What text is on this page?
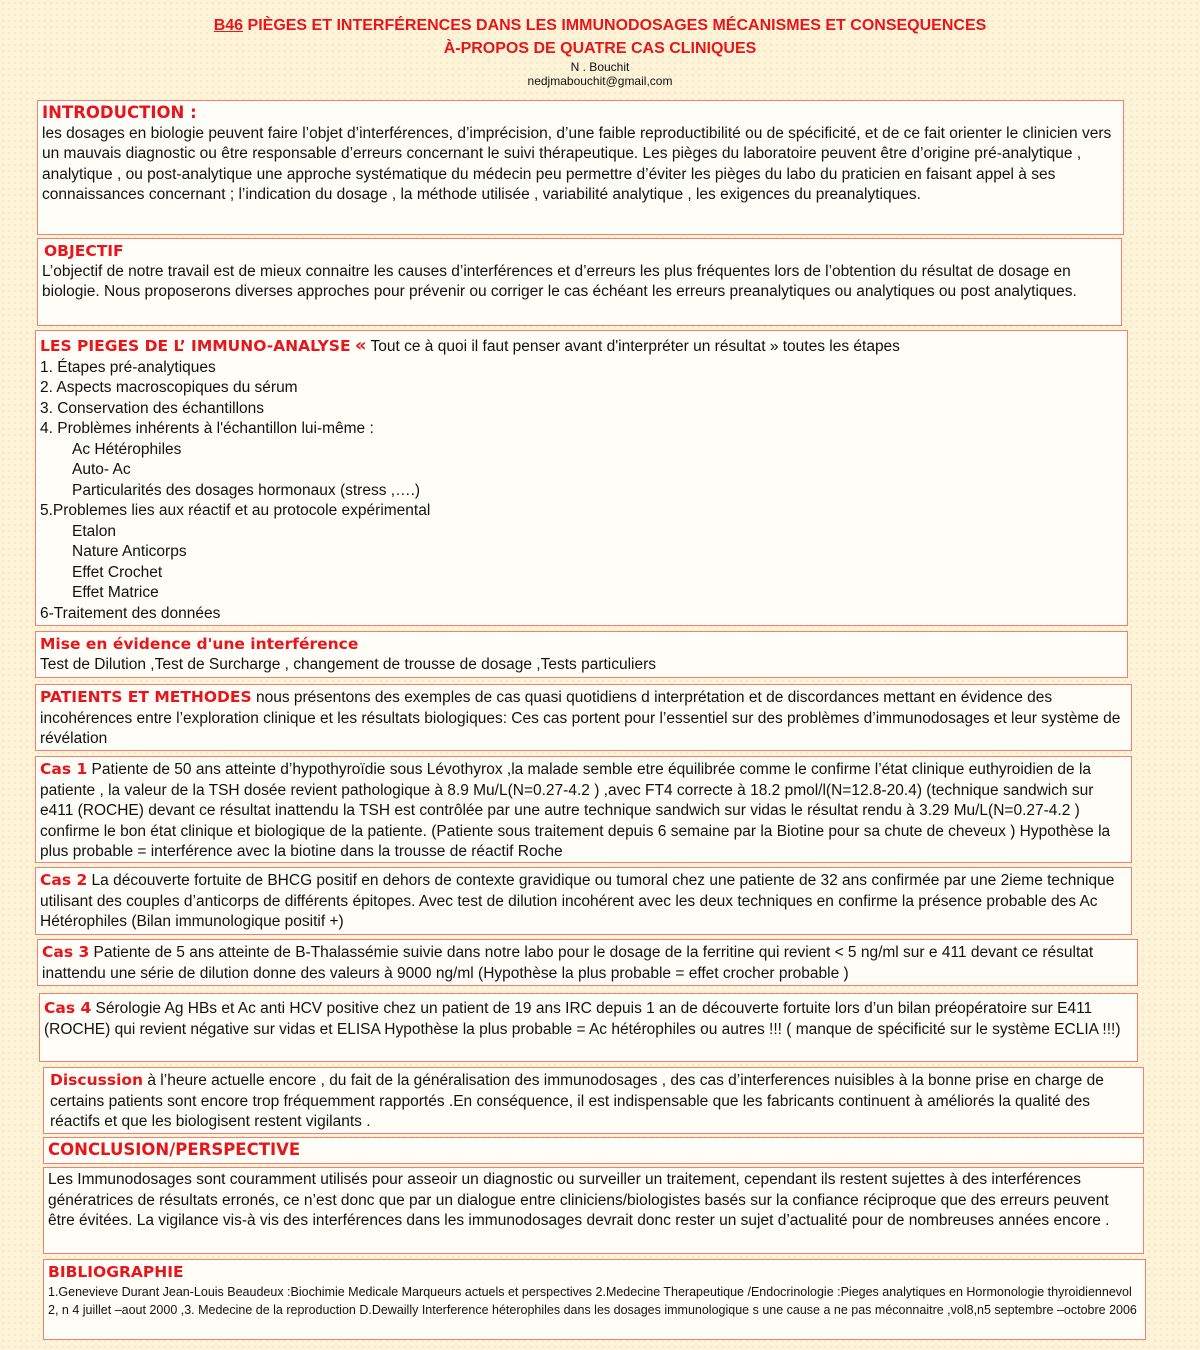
B46 PIÈGES ET INTERFÉRENCES DANS LES IMMUNODOSAGES MÉCANISMES ET CONSEQUENCES
À-PROPOS DE QUATRE CAS CLINIQUES
N . Bouchit
nedjmabouchit@gmail,com
INTRODUCTION :

les dosages en biologie peuvent faire l’objet d’interférences, d’imprécision, d’une faible reproductibilité ou de spécificité, et de ce fait orienter le clinicien vers un mauvais diagnostic ou être responsable d’erreurs concernant le suivi thérapeutique. Les pièges du laboratoire peuvent être d’origine pré-analytique , analytique , ou post-analytique une approche systématique du médecin peu permettre d’éviter les pièges du labo du praticien en faisant appel à ses connaissances concernant ; l’indication du dosage , la méthode utilisée , variabilité analytique , les exigences du preanalytiques.

OBJECTIF

L’objectif de notre travail est de mieux connaitre les causes d’interférences et d’erreurs les plus fréquentes lors de l’obtention du résultat de dosage en biologie. Nous proposerons diverses approches pour prévenir ou corriger le cas échéant les erreurs preanalytiques ou analytiques ou post analytiques.

LES PIEGES DE L’ IMMUNO-ANALYSE « Tout ce à quoi il faut penser avant d'interpréter un résultat » toutes les étapes
1. Étapes pré-analytiques
2. Aspects macroscopiques du sérum
3. Conservation des échantillons
4. Problèmes inhérents à l'échantillon lui-même :
Ac Hétérophiles
Auto- Ac
Particularités des dosages hormonaux (stress ,….)
5.Problemes lies aux réactif et au protocole expérimental
Etalon
Nature Anticorps
Effet Crochet
Effet Matrice
6-Traitement des données
Mise en évidence d'une interférence

Test de Dilution ,Test de Surcharge , changement de trousse de dosage ,Tests particuliers

PATIENTS ET METHODES nous présentons des exemples de cas quasi quotidiens d interprétation et de discordances mettant en évidence des incohérences entre l’exploration clinique et les résultats biologiques: Ces cas portent pour l’essentiel sur des problèmes d’immunodosages et leur système de révélation

Cas 1 Patiente de 50 ans atteinte d’hypothyroïdie sous Lévothyrox ,la malade semble etre équilibrée comme le confirme l’état clinique euthyroidien de la patiente , la valeur de la TSH dosée revient pathologique à 8.9 Mu/L(N=0.27-4.2 ) ,avec FT4 correcte à 18.2 pmol/l(N=12.8-20.4) (technique sandwich sur e411 (ROCHE) devant ce résultat inattendu la TSH est contrôlée par une autre technique sandwich sur vidas le résultat rendu à 3.29 Mu/L(N=0.27-4.2 ) confirme le bon état clinique et biologique de la patiente. (Patiente sous traitement depuis 6 semaine par la Biotine pour sa chute de cheveux ) Hypothèse la plus probable = interférence avec la biotine dans la trousse de réactif Roche

Cas 2 La découverte fortuite de BHCG positif en dehors de contexte gravidique ou tumoral chez une patiente de 32 ans confirmée par une 2ieme technique utilisant des couples d’anticorps de différents épitopes. Avec test de dilution incohérent avec les deux techniques en confirme la présence probable des Ac Hétérophiles (Bilan immunologique positif +)

Cas 3 Patiente de 5 ans atteinte de B-Thalassémie suivie dans notre labo pour le dosage de la ferritine qui revient < 5 ng/ml sur e 411 devant ce résultat inattendu une série de dilution donne des valeurs à 9000 ng/ml (Hypothèse la plus probable = effet crocher probable )

Cas 4 Sérologie Ag HBs et Ac anti HCV positive chez un patient de 19 ans IRC depuis 1 an de découverte fortuite lors d’un bilan préopératoire sur E411 (ROCHE) qui revient négative sur vidas et ELISA Hypothèse la plus probable = Ac hétérophiles ou autres !!! ( manque de spécificité sur le système ECLIA !!!)

Discussion à l’heure actuelle encore , du fait de la généralisation des immunodosages , des cas d’interferences nuisibles à la bonne prise en charge de certains patients sont encore trop fréquemment rapportés .En conséquence, il est indispensable que les fabricants continuent à améliorés la qualité des réactifs et que les biologisent restent vigilants .

CONCLUSION/PERSPECTIVE

Les Immunodosages sont couramment utilisés pour asseoir un diagnostic ou surveiller un traitement, cependant ils restent sujettes à des interférences génératrices de résultats erronés, ce n’est donc que par un dialogue entre cliniciens/biologistes basés sur la confiance réciproque que des erreurs peuvent être évitées. La vigilance vis-à vis des interférences dans les immunodosages devrait donc rester un sujet d’actualité pour de nombreuses années encore .

BIBLIOGRAPHIE

1.Genevieve Durant Jean-Louis Beaudeux :Biochimie Medicale Marqueurs actuels et perspectives 2.Medecine Therapeutique /Endocrinologie :Pieges analytiques en Hormonologie thyroidiennevol 2, n 4 juillet –aout 2000 ,3. Medecine de la reproduction D.Dewailly Interference héterophiles dans les dosages immunologique s une cause a ne pas méconnaitre ,vol8,n5 septembre –octobre 2006
